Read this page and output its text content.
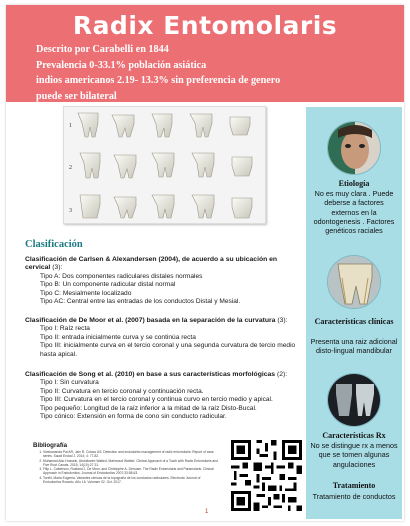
Radix Entomolaris
Descrito por Carabelli en 1844
Prevalencia 0-33.1% población asiática
indios americanos 2.19- 13.3% sin preferencia de genero
puede ser bilateral
1
2
3
Etiología
No es muy clara . Puede deberse a factores externos en la odontogenesis . Factores genéticos raciales
Características clínicas
Presenta una raiz adicional disto-lingual mandibular
Características Rx
No se distingue rx a menos que se tomen algunas angulaciones
Tratamiento
Tratamiento de conductos
Clasificación
Clasificación de Carlsen & Alexandersen (2004), de acuerdo a su ubicación en cervical (3):
Tipo A: Dos componentes radiculares distales normales
Tipo B: Un componente radicular distal normal
Tipo C: Mesialmente localizado
Tipo AC: Central entre las entradas de los conductos Distal y Mesial.
Clasificación de De Moor et al. (2007) basada en la separación de la curvatura (3):
Tipo I: Raíz recta
Tipo II: entrada inicialmente curva y se continúa recta
Tipo III: inicialmente curva en el tercio coronal y una segunda curvatura de tercio medio hasta apical.
Clasificación de Song et al. (2010) en base a sus características morfológicas (2):
Tipo I: Sin curvatura
Tipo II: Curvatura en tercio coronal y continuación recta.
Tipo III: Curvatura en el tercio coronal y continua curvo en tercio medio y apical.
Tipo pequeño: Longitud de la raíz inferior a la mitad de la raíz Disto-Bucal.
Tipo cónico: Extensión en forma de cono sin conducto radicular.
Bibliografía
1. Vivekananda Pai AR, Jain R, Colaco AS. Detection and endodontic management of radix entomolaris: Report of case series. Saudi Endod J. 2014; 4: 77-82.
2. Muhamad Abu-Hussein, Abdulkarim Watted, Mahmoud Watted. Clinical Approach of a Tooth with Radix Entomolaris and Five Root Canals. 2015; 14(10):27-31.
3. Filip L. Calberson, Roeland J. De Moor, and Christophe A. Deroose. The Radix Entomolaris and Paramolaris: Clinical Approach in Endodontics. Journal of Endodontics 2007;33:58-63.
4. Torelli, Maria Eugenia. Variantes clínicas de la topografía de los conductos radiculares. Electronic Journal of Endodontics Rosario. Año 16. Volumen 02. Oct. 2017.
1
